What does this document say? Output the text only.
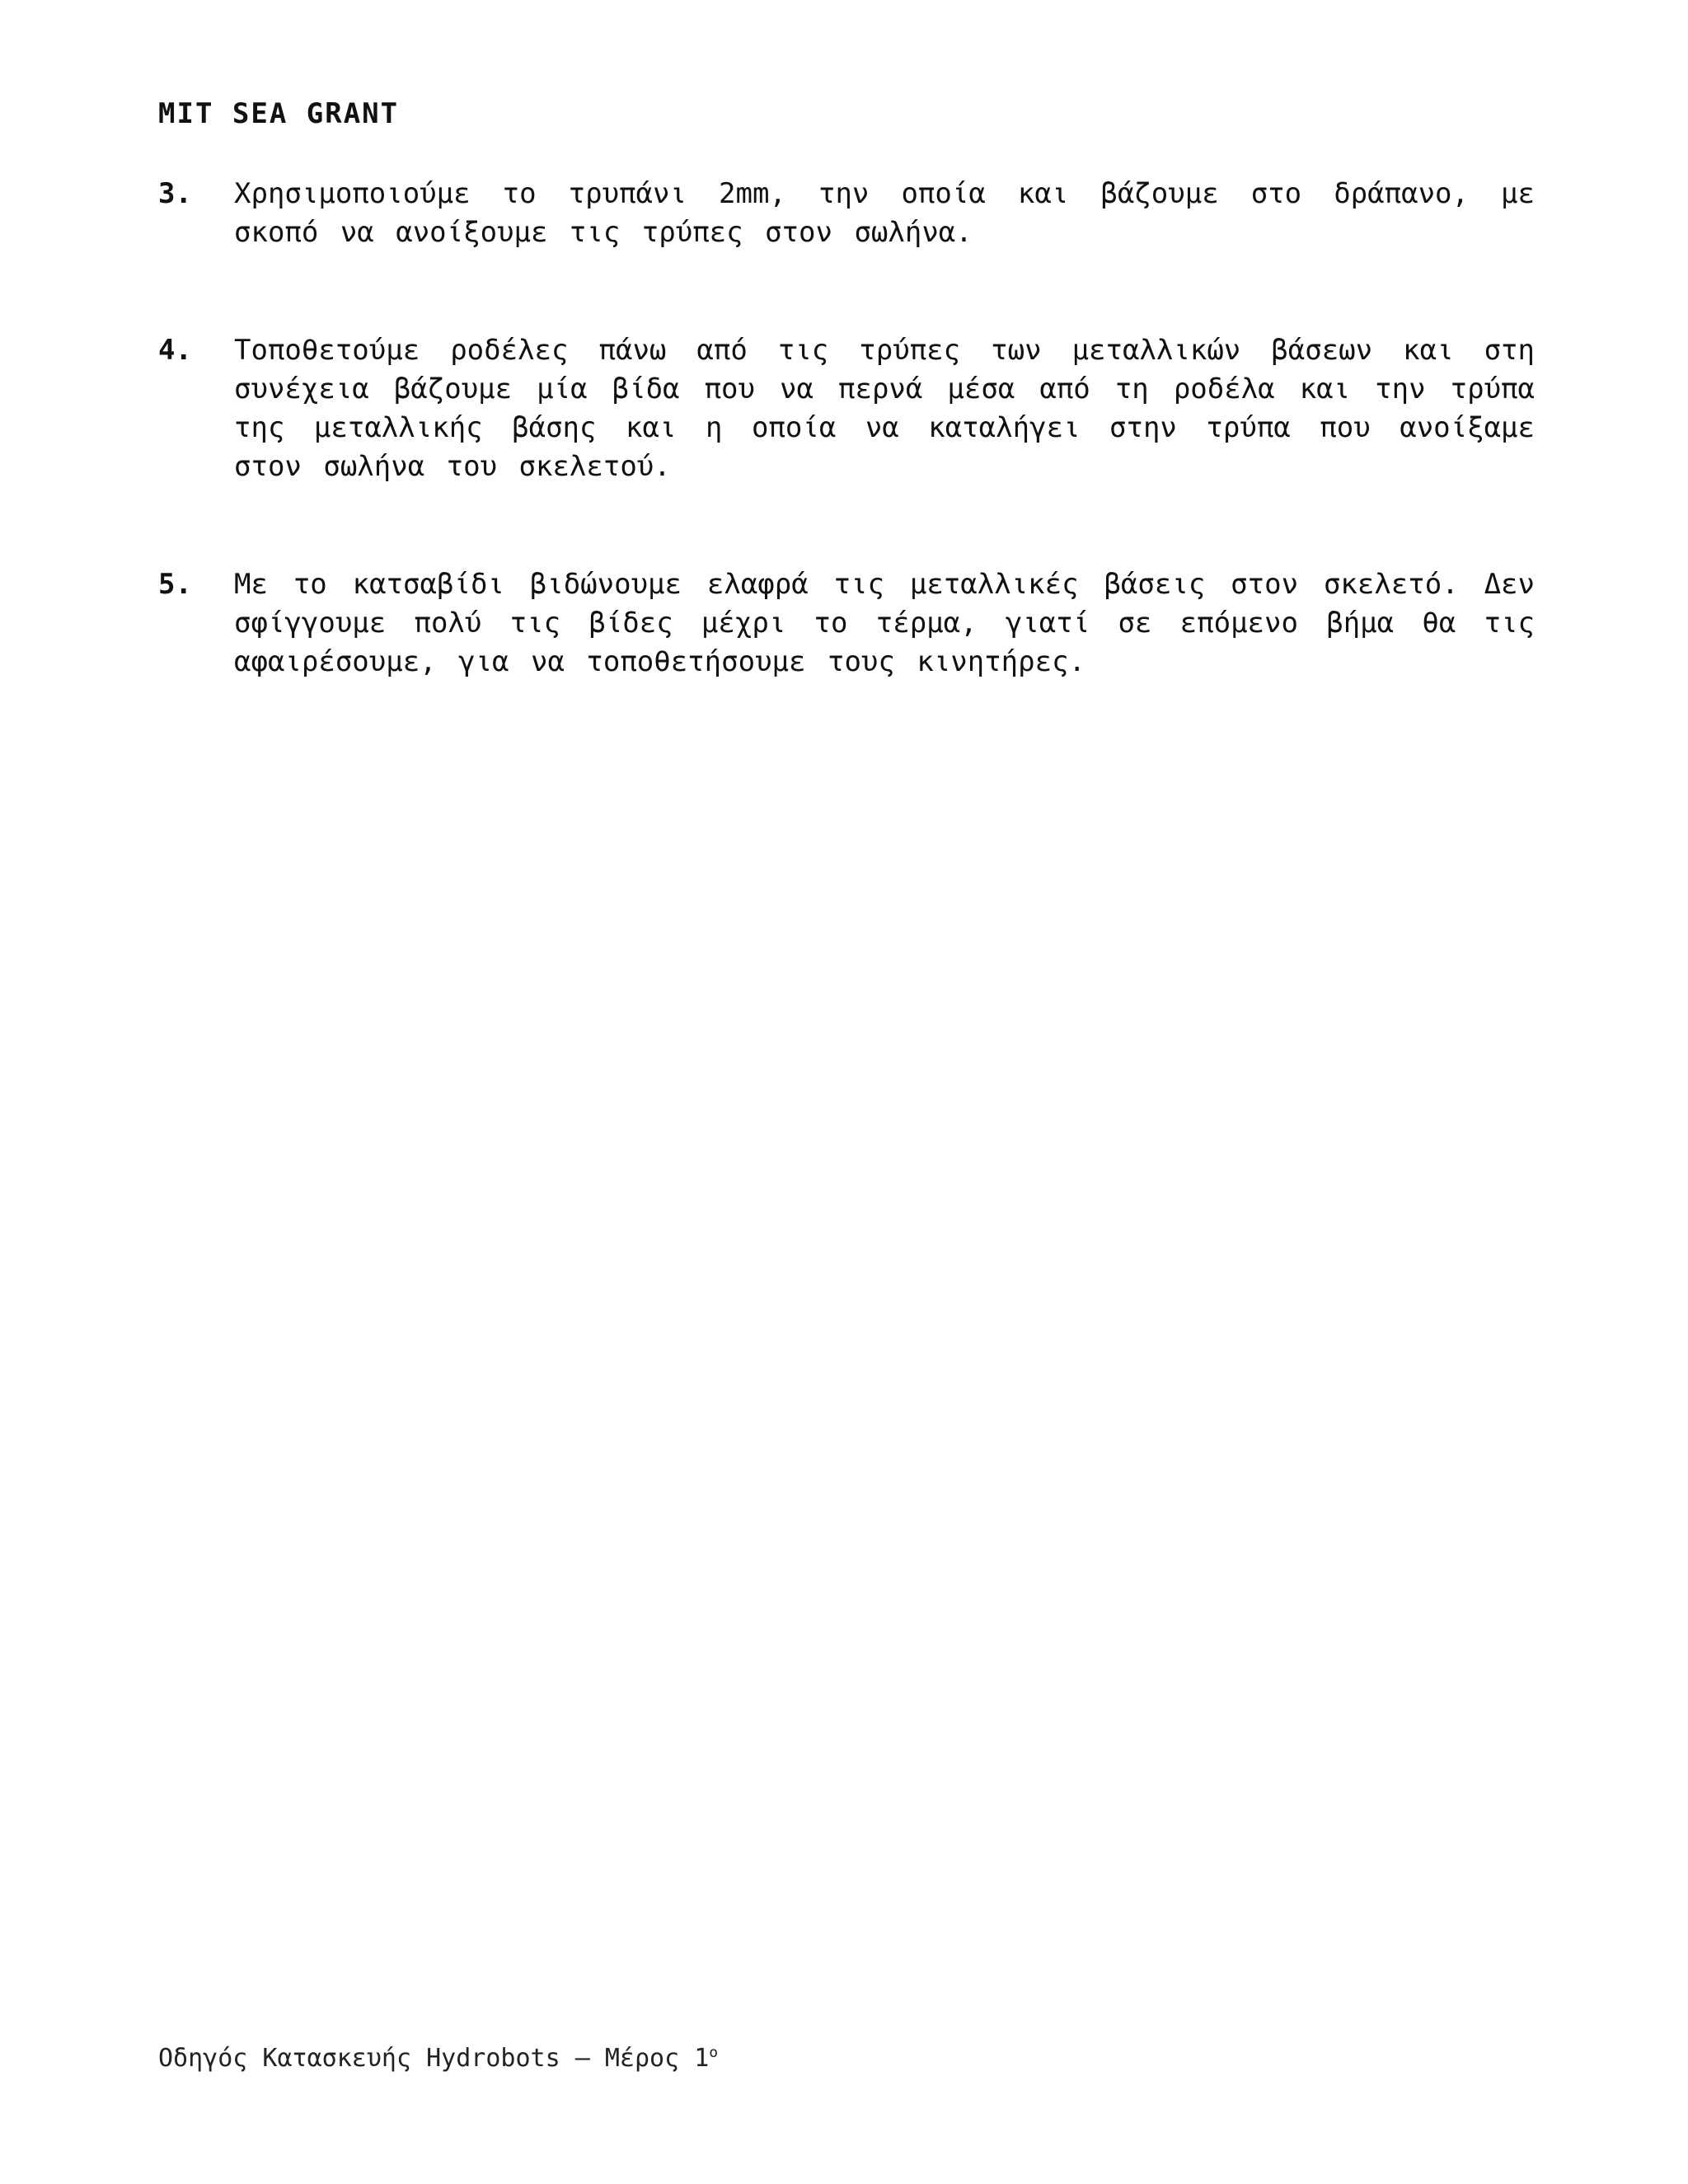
MIT SEA GRANT
3.	Χρησιμοποιούμε το τρυπάνι 2mm, την οποία και βάζουμε στο δράπανο, με σκοπό να ανοίξουμε τις τρύπες στον σωλήνα.
4.	Τοποθετούμε ροδέλες πάνω από τις τρύπες των μεταλλικών βάσεων και στη συνέχεια βάζουμε μία βίδα που να περνά μέσα από τη ροδέλα και την τρύπα της μεταλλικής βάσης και η οποία να καταλήγει στην τρύπα που ανοίξαμε στον σωλήνα του σκελετού.
5.	Με το κατσαβίδι βιδώνουμε ελαφρά τις μεταλλικές βάσεις στον σκελετό. Δεν σφίγγουμε πολύ τις βίδες μέχρι το τέρμα, γιατί σε επόμενο βήμα θα τις αφαιρέσουμε, για να τοποθετήσουμε τους κινητήρες.
Οδηγός Κατασκευής Hydrobots – Μέρος $1^o$
